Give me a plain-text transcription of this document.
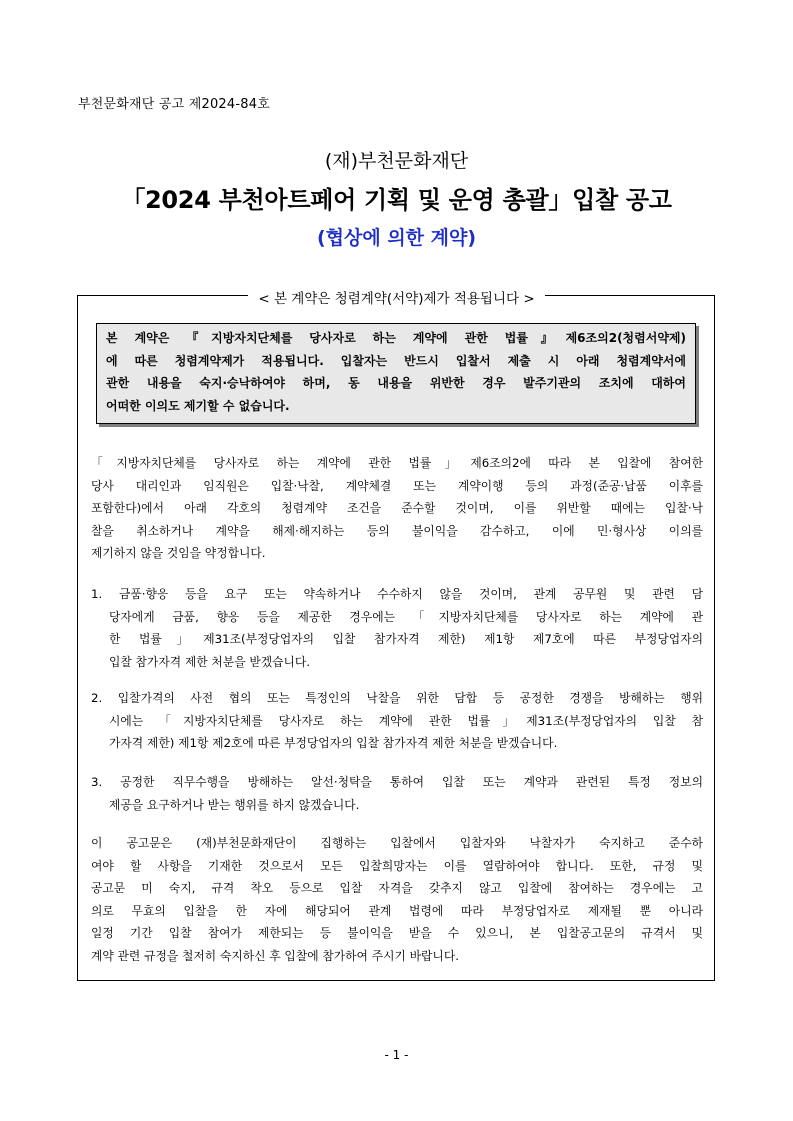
부천문화재단 공고 제2024-84호
(재)부천문화재단
「2024 부천아트페어 기획 및 운영 총괄」입찰 공고
(협상에 의한 계약)
< 본 계약은 청렴계약(서약)제가 적용됩니다 >
본 계약은 『지방자치단체를 당사자로 하는 계약에 관한 법률』제6조의2(청렴서약제)
에 따른 청렴계약제가 적용됩니다. 입찰자는 반드시 입찰서 제출 시 아래 청렴계약서에
관한 내용을 숙지·승낙하여야 하며, 동 내용을 위반한 경우 발주기관의 조치에 대하여
어떠한 이의도 제기할 수 없습니다.
「지방자치단체를 당사자로 하는 계약에 관한 법률」제6조의2에 따라 본 입찰에 참여한
당사 대리인과 임직원은 입찰·낙찰, 계약체결 또는 계약이행 등의 과정(준공·납품 이후를
포함한다)에서 아래 각호의 청렴계약 조건을 준수할 것이며, 이를 위반할 때에는 입찰·낙
찰을 취소하거나 계약을 해제·해지하는 등의 불이익을 감수하고, 이에 민·형사상 이의를
제기하지 않을 것임을 약정합니다.
1. 금품·향응 등을 요구 또는 약속하거나 수수하지 않을 것이며, 관계 공무원 및 관련 담
당자에게 금품, 향응 등을 제공한 경우에는 「지방자치단체를 당사자로 하는 계약에 관
한 법률」제31조(부정당업자의 입찰 참가자격 제한) 제1항 제7호에 따른 부정당업자의
입찰 참가자격 제한 처분을 받겠습니다.
2. 입찰가격의 사전 협의 또는 특정인의 낙찰을 위한 담합 등 공정한 경쟁을 방해하는 행위
시에는 「지방자치단체를 당사자로 하는 계약에 관한 법률」제31조(부정당업자의 입찰 참
가자격 제한) 제1항 제2호에 따른 부정당업자의 입찰 참가자격 제한 처분을 받겠습니다.
3. 공정한 직무수행을 방해하는 알선·청탁을 통하여 입찰 또는 계약과 관련된 특정 정보의
제공을 요구하거나 받는 행위를 하지 않겠습니다.
이 공고문은 (재)부천문화재단이 집행하는 입찰에서 입찰자와 낙찰자가 숙지하고 준수하
여야 할 사항을 기재한 것으로서 모든 입찰희망자는 이를 열람하여야 합니다. 또한, 규정 및
공고문 미 숙지, 규격 착오 등으로 입찰 자격을 갖추지 않고 입찰에 참여하는 경우에는 고
의로 무효의 입찰을 한 자에 해당되어 관계 법령에 따라 부정당업자로 제재될 뿐 아니라
일정 기간 입찰 참여가 제한되는 등 불이익을 받을 수 있으니, 본 입찰공고문의 규격서 및
계약 관련 규정을 철저히 숙지하신 후 입찰에 참가하여 주시기 바랍니다.
- 1 -
